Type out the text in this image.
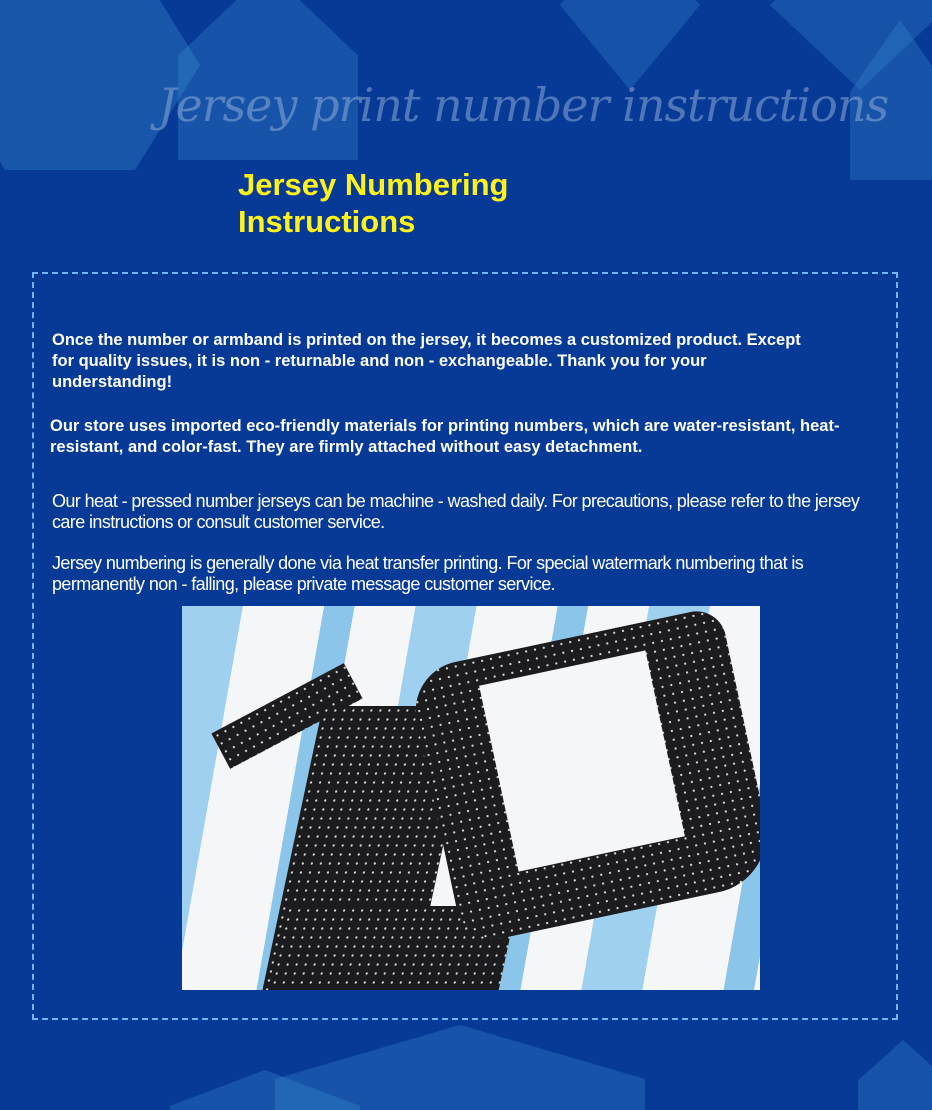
Jersey print number instructions
Jersey Numbering
Instructions
Once the number or armband is printed on the jersey, it becomes a customized product. Except for quality issues, it is non - returnable and non - exchangeable. Thank you for your understanding!
Our store uses imported eco-friendly materials for printing numbers, which are water-resistant, heat-resistant, and color-fast. They are firmly attached without easy detachment.
Our heat - pressed number jerseys can be machine - washed daily. For precautions, please refer to the jersey care instructions or consult customer service.
Jersey numbering is generally done via heat transfer printing. For special watermark numbering that is permanently non - falling, please private message customer service.
